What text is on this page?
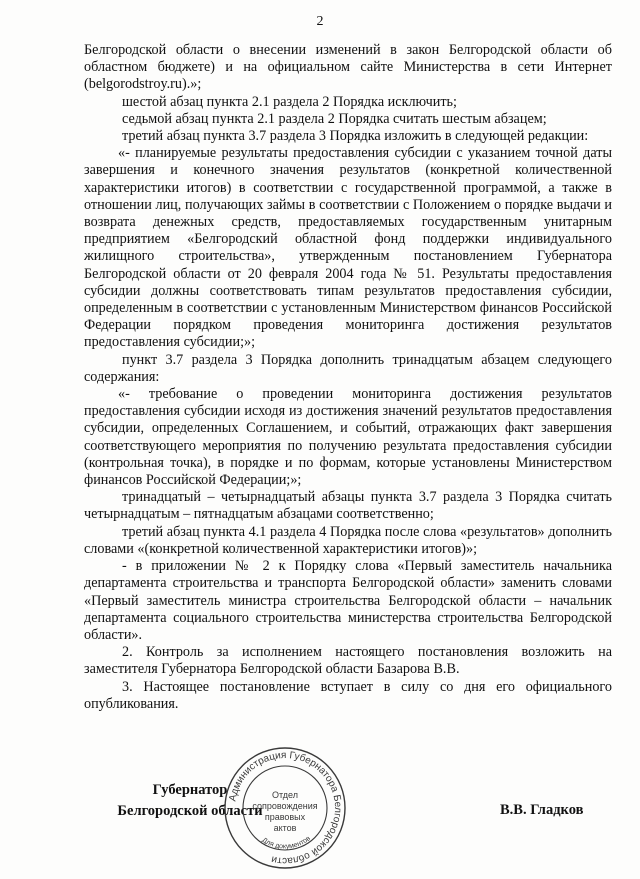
2

Белгородской области о внесении изменений в закон Белгородской области об областном бюджете) и на официальном сайте Министерства в сети Интернет (belgorodstroy.ru).»;

шестой абзац пункта 2.1 раздела 2 Порядка исключить;

седьмой абзац пункта 2.1 раздела 2 Порядка считать шестым абзацем;

третий абзац пункта 3.7 раздела 3 Порядка изложить в следующей редакции:

«- планируемые результаты предоставления субсидии с указанием точной даты завершения и конечного значения результатов (конкретной количественной характеристики итогов) в соответствии с государственной программой, а также в отношении лиц, получающих займы в соответствии с Положением о порядке выдачи и возврата денежных средств, предоставляемых государственным унитарным предприятием «Белгородский областной фонд поддержки индивидуального жилищного строительства», утвержденным постановлением Губернатора Белгородской области от 20 февраля 2004 года № 51. Результаты предоставления субсидии должны соответствовать типам результатов предоставления субсидии, определенным в соответствии с установленным Министерством финансов Российской Федерации порядком проведения мониторинга достижения результатов предоставления субсидии;»;

пункт 3.7 раздела 3 Порядка дополнить тринадцатым абзацем следующего содержания:

«- требование о проведении мониторинга достижения результатов предоставления субсидии исходя из достижения значений результатов предоставления субсидии, определенных Соглашением, и событий, отражающих факт завершения соответствующего мероприятия по получению результата предоставления субсидии (контрольная точка), в порядке и по формам, которые установлены Министерством финансов Российской Федерации;»;

тринадцатый – четырнадцатый абзацы пункта 3.7 раздела 3 Порядка считать четырнадцатым – пятнадцатым абзацами соответственно;

третий абзац пункта 4.1 раздела 4 Порядка после слова «результатов» дополнить словами «(конкретной количественной характеристики итогов)»;

- в приложении № 2 к Порядку слова «Первый заместитель начальника департамента строительства и транспорта Белгородской области» заменить словами «Первый заместитель министра строительства Белгородской области – начальник департамента социального строительства министерства строительства Белгородской области».

2. Контроль за исполнением настоящего постановления возложить на заместителя Губернатора Белгородской области Базарова В.В.

3. Настоящее постановление вступает в силу со дня его официального опубликования.

Губернатор
Белгородской области
Администрация Губернатора Белгородской области
Для документов
Отдел
сопровождения
правовых
актов
В.В. Гладков
